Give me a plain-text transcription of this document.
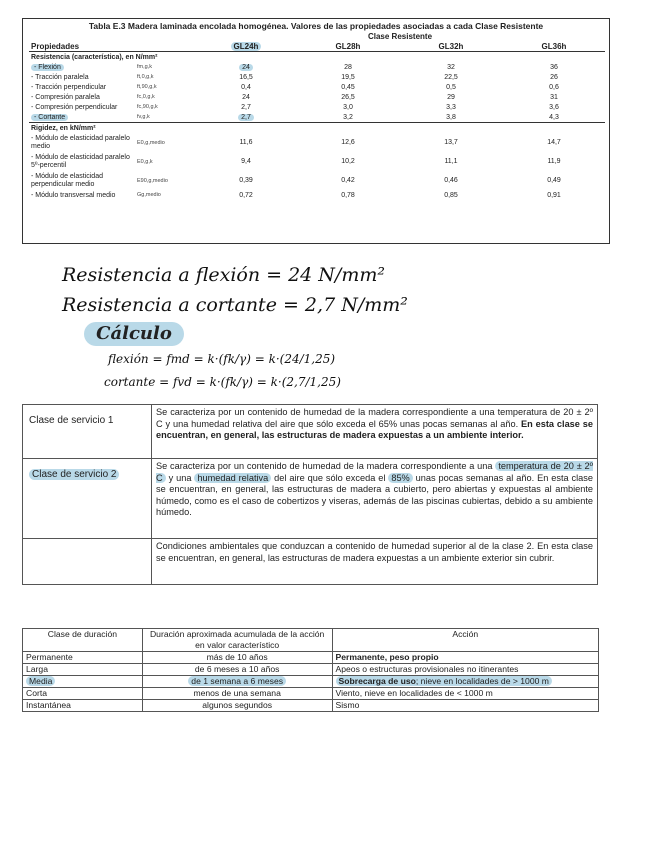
Tabla E.3 Madera laminada encolada homogénea. Valores de las propiedades asociadas a cada Clase Resistente
		Clase Resistente			
Propiedades		GL24h	GL28h	GL32h	GL36h
Resistencia (característica), en N/mm²					
- Flexión	fm,g,k	24	28	32	36
- Tracción paralela	ft,0,g,k	16,5	19,5	22,5	26
- Tracción perpendicular	ft,90,g,k	0,4	0,45	0,5	0,6
- Compresión paralela	fc,0,g,k	24	26,5	29	31
- Compresión perpendicular	fc,90,g,k	2,7	3,0	3,3	3,6
- Cortante	fv,g,k	2,7	3,2	3,8	4,3
Rigidez, en kN/mm²					
- Módulo de elasticidad paralelo medio	E0,g,medio	11,6	12,6	13,7	14,7
- Módulo de elasticidad paralelo 5º-percentil	E0,g,k	9,4	10,2	11,1	11,9
- Módulo de elasticidad perpendicular medio	E90,g,medio	0,39	0,42	0,46	0,49
- Módulo transversal medio	Gg,medio	0,72	0,78	0,85	0,91
Resistencia a flexión = 24 N/mm²
Resistencia a cortante = 2,7 N/mm²
Cálculo
flexión = fmd = k·(fk/γ) = k·(24/1,25)
cortante = fvd = k·(fk/γ) = k·(2,7/1,25)
Clase de servicio 1	Se caracteriza por un contenido de humedad de la madera correspondiente a una temperatura de 20 ± 2º C y una humedad relativa del aire que sólo exceda el 65% unas pocas semanas al año. En esta clase se encuentran, en general, las estructuras de madera expuestas a un ambiente interior.
Clase de servicio 2	Se caracteriza por un contenido de humedad de la madera correspondiente a una temperatura de 20 ± 2º C y una humedad relativa del aire que sólo exceda el 85% unas pocas semanas al año. En esta clase se encuentran, en general, las estructuras de madera a cubierto, pero abiertas y expuestas al ambiente húmedo, como es el caso de cobertizos y viseras, además de las piscinas cubiertas, debido a su ambiente húmedo.
	Condiciones ambientales que conduzcan a contenido de humedad superior al de la clase 2. En esta clase se encuentran, en general, las estructuras de madera expuestas a un ambiente exterior sin cubrir.
Clase de duración	Duración aproximada acumulada de la acción en valor característico	Acción
Permanente	más de 10 años	Permanente, peso propio
Larga	de 6 meses a 10 años	Apeos o estructuras provisionales no itinerantes
Media	de 1 semana a 6 meses	Sobrecarga de uso; nieve en localidades de > 1000 m
Corta	menos de una semana	Viento, nieve en localidades de < 1000 m
Instantánea	algunos segundos	Sismo
